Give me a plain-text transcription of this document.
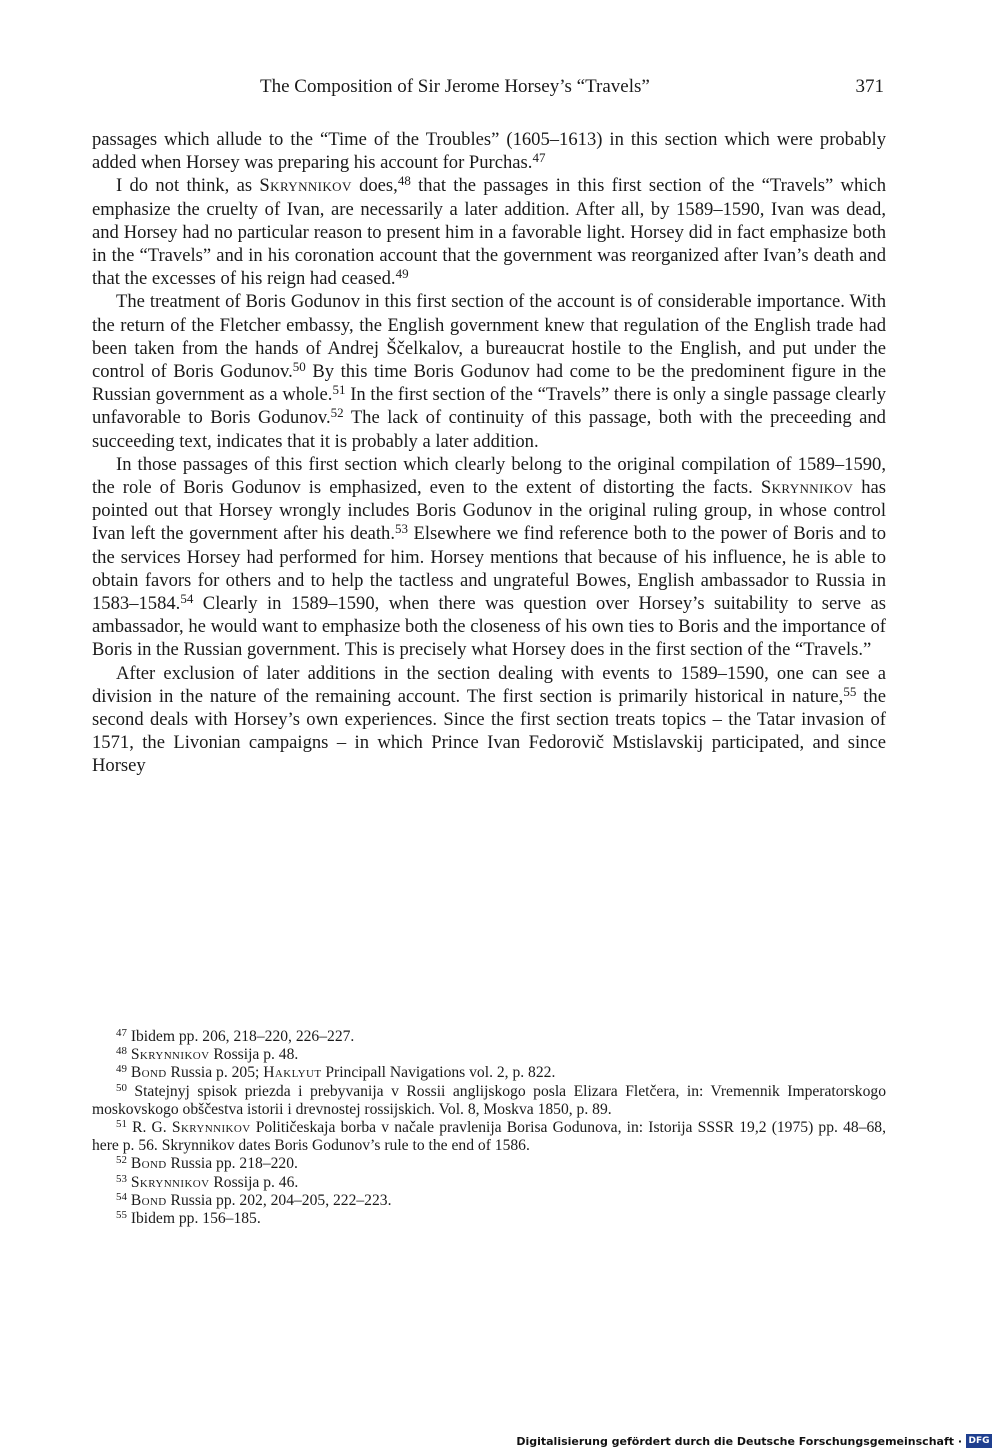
The Composition of Sir Jerome Horsey’s “Travels”	371

passages which allude to the “Time of the Troubles” (1605–1613) in this section which were probably added when Horsey was preparing his account for Purchas.$^{47}$

I do not think, as Skrynnikov does,$^{48}$ that the passages in this first section of the “Travels” which emphasize the cruelty of Ivan, are necessarily a later addition. After all, by 1589–1590, Ivan was dead, and Horsey had no particular reason to present him in a favorable light. Horsey did in fact emphasize both in the “Travels” and in his coronation account that the government was reorganized after Ivan’s death and that the excesses of his reign had ceased.$^{49}$

The treatment of Boris Godunov in this first section of the account is of considerable importance. With the return of the Fletcher embassy, the English government knew that regulation of the English trade had been taken from the hands of Andrej Ščelkalov, a bureaucrat hostile to the English, and put under the control of Boris Godunov.$^{50}$ By this time Boris Godunov had come to be the predominent figure in the Russian government as a whole.$^{51}$ In the first section of the “Travels” there is only a single passage clearly unfavorable to Boris Godunov.$^{52}$ The lack of continuity of this passage, both with the preceeding and succeeding text, indicates that it is probably a later addition.

In those passages of this first section which clearly belong to the original compilation of 1589–1590, the role of Boris Godunov is emphasized, even to the extent of distorting the facts. Skrynnikov has pointed out that Horsey wrongly includes Boris Godunov in the original ruling group, in whose control Ivan left the government after his death.$^{53}$ Elsewhere we find reference both to the power of Boris and to the services Horsey had performed for him. Horsey mentions that because of his influence, he is able to obtain favors for others and to help the tactless and ungrateful Bowes, English ambassador to Russia in 1583–1584.54 Clearly in 1589–1590, when there was question over Horsey’s suitability to serve as ambassador, he would want to emphasize both the closeness of his own ties to Boris and the importance of Boris in the Russian government. This is precisely what Horsey does in the first section of the “Travels.”

After exclusion of later additions in the section dealing with events to 1589–1590, one can see a division in the nature of the remaining account. The first section is primarily historical in nature,$^{55}$ the second deals with Horsey’s own experiences. Since the first section treats topics – the Tatar invasion of 1571, the Livonian campaigns – in which Prince Ivan Fedorovič Mstislavskij participated, and since Horsey

$^{47}$ Ibidem pp. 206, 218–220, 226–227.

$^{48}$ Skrynnikov Rossija p. 48.

$^{49}$ Bond Russia p. 205; Haklyut Principall Navigations vol. 2, p. 822.

$^{50}$ Statejnyj spisok priezda i prebyvanija v Rossii anglijskogo posla Elizara Fletčera, in: Vremennik Imperatorskogo moskovskogo obščestva istorii i drevnostej rossijskich. Vol. 8, Moskva 1850, p. 89.

$^{51}$ R. G. Skrynnikov Političeskaja borba v načale pravlenija Borisa Godunova, in: Istorija SSSR 19,2 (1975) pp. 48–68, here p. 56. Skrynnikov dates Boris Godunov’s rule to the end of 1586.

$^{52}$ Bond Russia pp. 218–220.

$^{53}$ Skrynnikov Rossija p. 46.

$^{54}$ Bond Russia pp. 202, 204–205, 222–223.

$^{55}$ Ibidem pp. 156–185.

Digitalisierung gefördert durch die Deutsche Forschungsgemeinschaft · DFG
